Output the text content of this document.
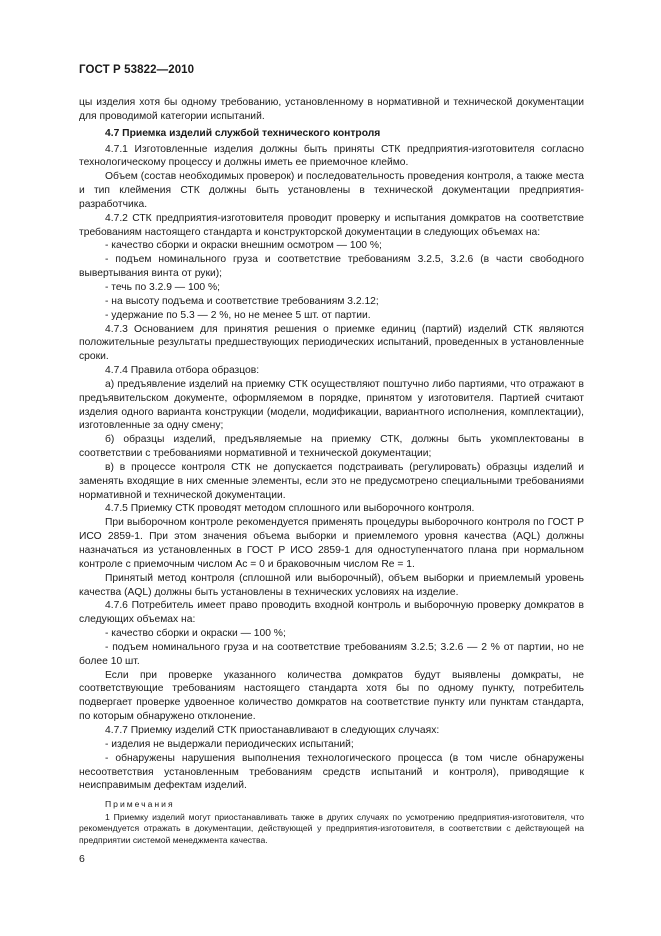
ГОСТ Р 53822—2010

цы изделия хотя бы одному требованию, установленному в нормативной и технической документации для проводимой категории испытаний.

4.7 Приемка изделий службой технического контроля

4.7.1 Изготовленные изделия должны быть приняты СТК предприятия-изготовителя согласно технологическому процессу и должны иметь ее приемочное клеймо.

Объем (состав необходимых проверок) и последовательность проведения контроля, а также места и тип клеймения СТК должны быть установлены в технической документации предприятия-разработчика.

4.7.2 СТК предприятия-изготовителя проводит проверку и испытания домкратов на соответствие требованиям настоящего стандарта и конструкторской документации в следующих объемах на:

- качество сборки и окраски внешним осмотром — 100 %;

- подъем номинального груза и соответствие требованиям 3.2.5, 3.2.6 (в части свободного вывертывания винта от руки);

- течь по 3.2.9 — 100 %;

- на высоту подъема и соответствие требованиям 3.2.12;

- удержание по 5.3 — 2 %, но не менее 5 шт. от партии.

4.7.3 Основанием для принятия решения о приемке единиц (партий) изделий СТК являются положительные результаты предшествующих периодических испытаний, проведенных в установленные сроки.

4.7.4 Правила отбора образцов:

а) предъявление изделий на приемку СТК осуществляют поштучно либо партиями, что отражают в предъявительском документе, оформляемом в порядке, принятом у изготовителя. Партией считают изделия одного варианта конструкции (модели, модификации, вариантного исполнения, комплектации), изготовленные за одну смену;

б) образцы изделий, предъявляемые на приемку СТК, должны быть укомплектованы в соответствии с требованиями нормативной и технической документации;

в) в процессе контроля СТК не допускается подстраивать (регулировать) образцы изделий и заменять входящие в них сменные элементы, если это не предусмотрено специальными требованиями нормативной и технической документации.

4.7.5 Приемку СТК проводят методом сплошного или выборочного контроля.

При выборочном контроле рекомендуется применять процедуры выборочного контроля по ГОСТ Р ИСО 2859-1. При этом значения объема выборки и приемлемого уровня качества (AQL) должны назначаться из установленных в ГОСТ Р ИСО 2859-1 для одноступенчатого плана при нормальном контроле с приемочным числом Ac = 0 и браковочным числом Re = 1.

Принятый метод контроля (сплошной или выборочный), объем выборки и приемлемый уровень качества (AQL) должны быть установлены в технических условиях на изделие.

4.7.6 Потребитель имеет право проводить входной контроль и выборочную проверку домкратов в следующих объемах на:

- качество сборки и окраски — 100 %;

- подъем номинального груза и на соответствие требованиям 3.2.5; 3.2.6 — 2 % от партии, но не более 10 шт.

Если при проверке указанного количества домкратов будут выявлены домкраты, не соответствующие требованиям настоящего стандарта хотя бы по одному пункту, потребитель подвергает проверке удвоенное количество домкратов на соответствие пункту или пунктам стандарта, по которым обнаружено отклонение.

4.7.7 Приемку изделий СТК приостанавливают в следующих случаях:

- изделия не выдержали периодических испытаний;

- обнаружены нарушения выполнения технологического процесса (в том числе обнаружены несоответствия установленным требованиям средств испытаний и контроля), приводящие к неисправимым дефектам изделий.

Примечания

1 Приемку изделий могут приостанавливать также в других случаях по усмотрению предприятия-изготовителя, что рекомендуется отражать в документации, действующей у предприятия-изготовителя, в соответствии с действующей на предприятии системой менеджмента качества.

6
